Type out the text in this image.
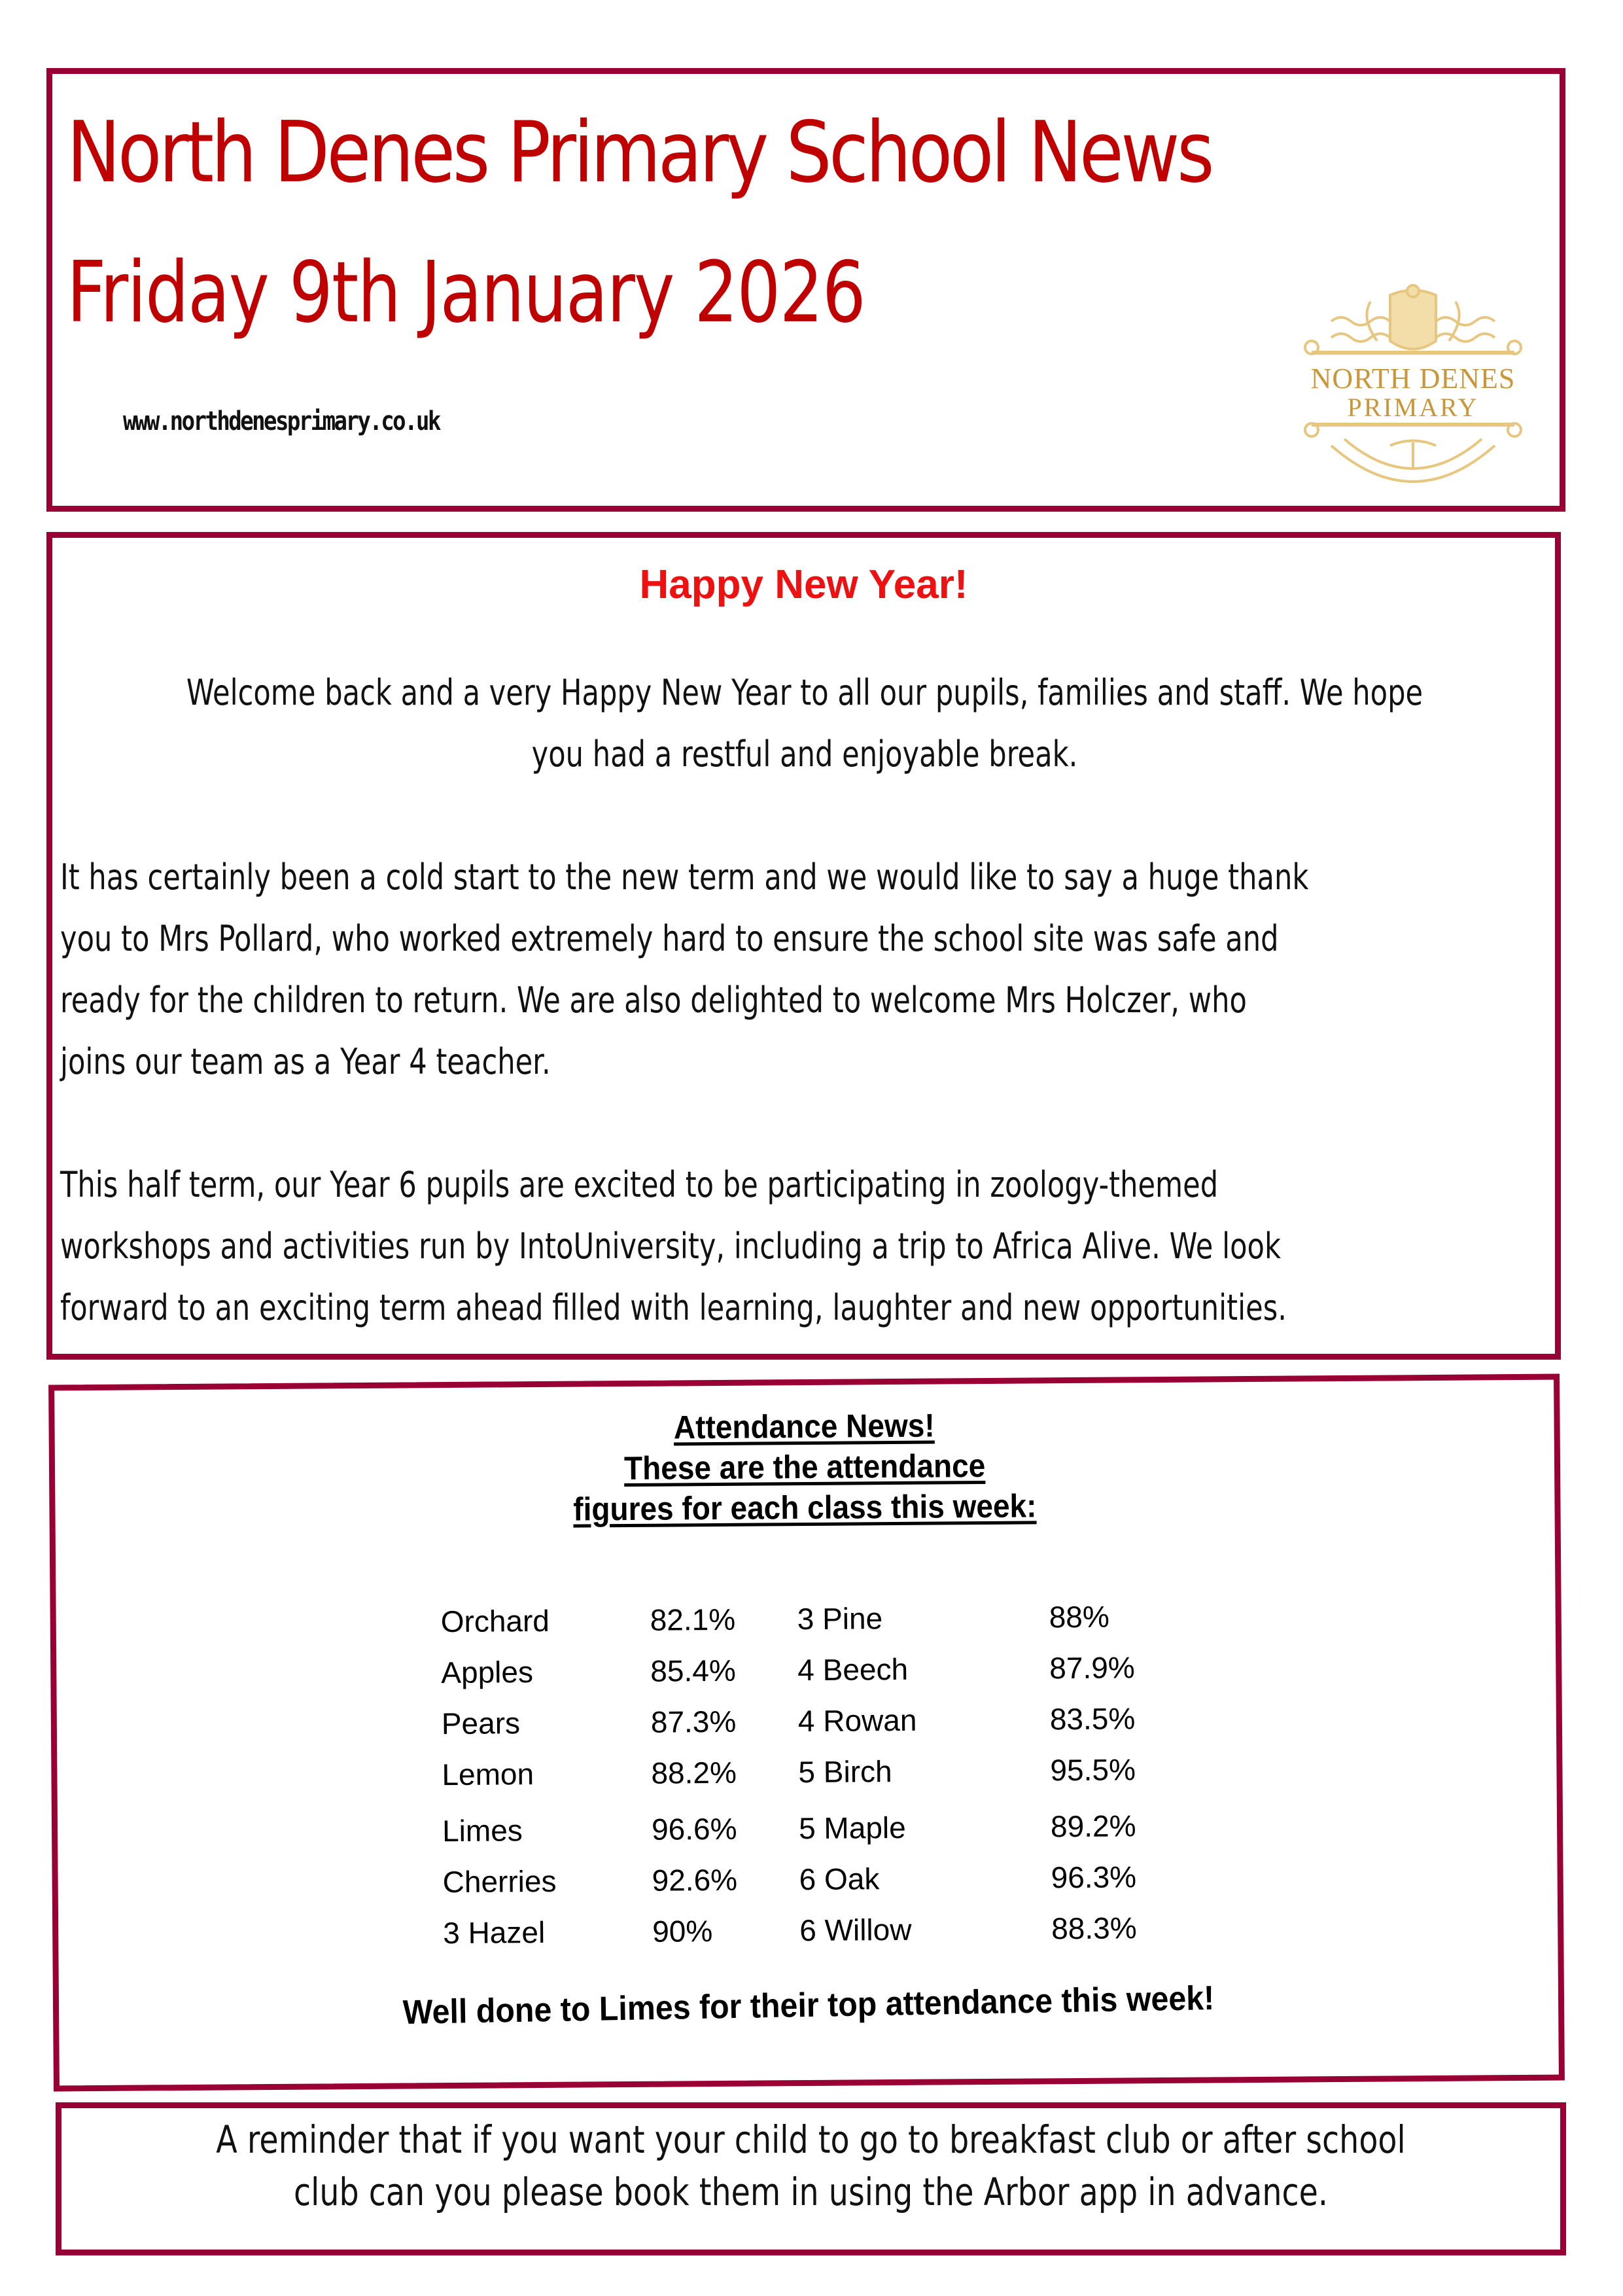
North Denes Primary School News
Friday 9th January 2026
www.northdenesprimary.co.uk
NORTH DENES
PRIMARY
Happy New Year!
Welcome back and a very Happy New Year to all our pupils, families and staff. We hope
you had a restful and enjoyable break.
It has certainly been a cold start to the new term and we would like to say a huge thank
you to Mrs Pollard, who worked extremely hard to ensure the school site was safe and
ready for the children to return. We are also delighted to welcome Mrs Holczer, who
joins our team as a Year 4 teacher.
This half term, our Year 6 pupils are excited to be participating in zoology-themed
workshops and activities run by IntoUniversity, including a trip to Africa Alive. We look
forward to an exciting term ahead filled with learning, laughter and new opportunities.
Attendance News!
These are the attendance
figures for each class this week:
Orchard	82.1% 3 Pine	88%
Apples	85.4% 4 Beech	87.9%
Pears	87.3% 4 Rowan	83.5%
Lemon	88.2% 5 Birch	95.5%
Limes	96.6% 5 Maple	89.2%
Cherries	92.6% 6 Oak	96.3%
3 Hazel	90%	6 Willow	88.3%
Well done to Limes for their top attendance this week!
A reminder that if you want your child to go to breakfast club or after school
club can you please book them in using the Arbor app in advance.
